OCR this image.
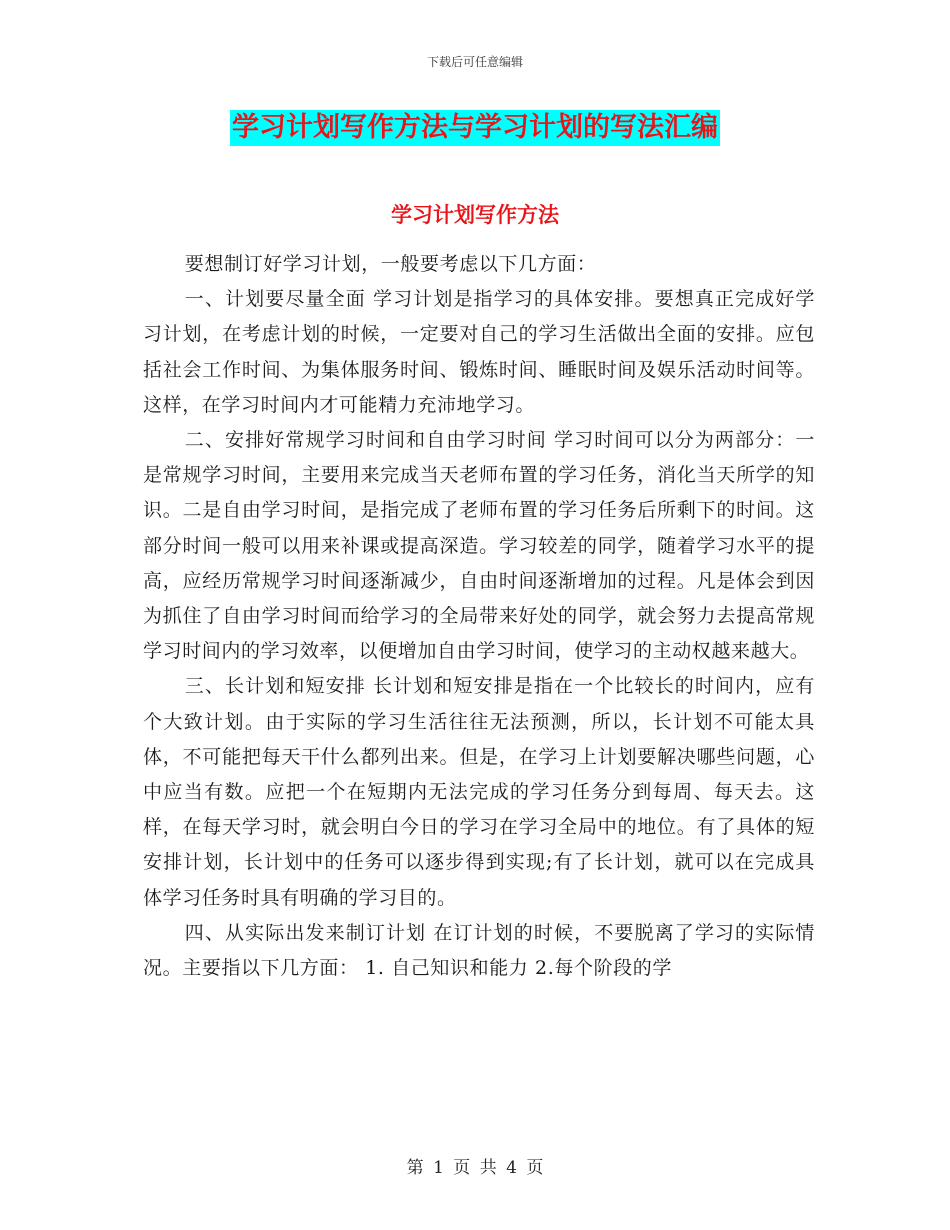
下载后可任意编辑
学习计划写作方法与学习计划的写法汇编
学习计划写作方法

要想制订好学习计划，一般要考虑以下几方面：

一、计划要尽量全面 学习计划是指学习的具体安排。要想真正完成好学习计划，在考虑计划的时候，一定要对自己的学习生活做出全面的安排。应包括社会工作时间、为集体服务时间、锻炼时间、睡眠时间及娱乐活动时间等。这样，在学习时间内才可能精力充沛地学习。

二、安排好常规学习时间和自由学习时间 学习时间可以分为两部分：一是常规学习时间，主要用来完成当天老师布置的学习任务，消化当天所学的知识。二是自由学习时间，是指完成了老师布置的学习任务后所剩下的时间。这部分时间一般可以用来补课或提高深造。学习较差的同学，随着学习水平的提高，应经历常规学习时间逐渐减少，自由时间逐渐增加的过程。凡是体会到因为抓住了自由学习时间而给学习的全局带来好处的同学，就会努力去提高常规学习时间内的学习效率，以便增加自由学习时间，使学习的主动权越来越大。

三、长计划和短安排 长计划和短安排是指在一个比较长的时间内，应有个大致计划。由于实际的学习生活往往无法预测，所以，长计划不可能太具体，不可能把每天干什么都列出来。但是，在学习上计划要解决哪些问题，心中应当有数。应把一个在短期内无法完成的学习任务分到每周、每天去。这样，在每天学习时，就会明白今日的学习在学习全局中的地位。有了具体的短安排计划，长计划中的任务可以逐步得到实现;有了长计划，就可以在完成具体学习任务时具有明确的学习目的。

四、从实际出发来制订计划 在订计划的时候，不要脱离了学习的实际情况。主要指以下几方面： 1. 自己知识和能力 2.每个阶段的学

第 1 页 共 4 页
